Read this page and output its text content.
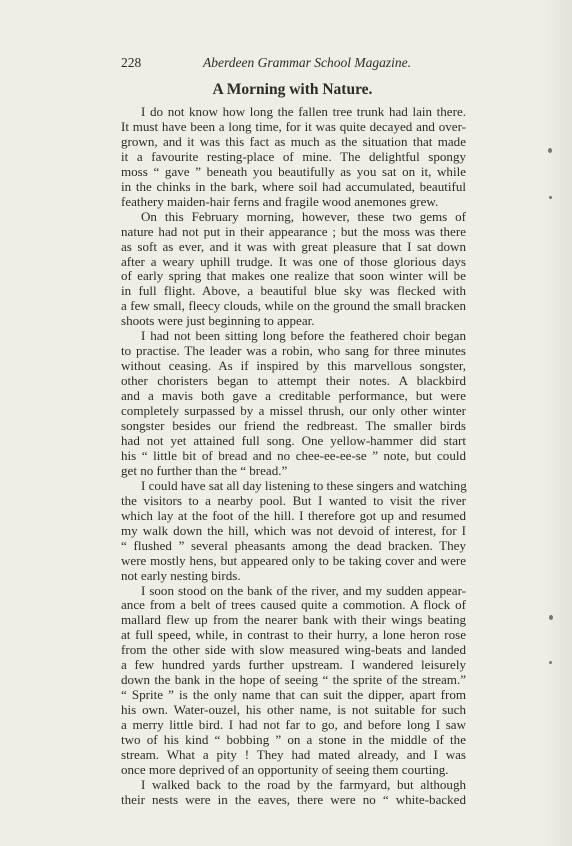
228	Aberdeen Grammar School Magazine.
A Morning with Nature.
I do not know how long the fallen tree trunk had lain there.
It must have been a long time, for it was quite decayed and over-
grown, and it was this fact as much as the situation that made
it a favourite resting-place of mine. The delightful spongy
moss “ gave ” beneath you beautifully as you sat on it, while
in the chinks in the bark, where soil had accumulated, beautiful
feathery maiden-hair ferns and fragile wood anemones grew.
On this February morning, however, these two gems of
nature had not put in their appearance ; but the moss was there
as soft as ever, and it was with great pleasure that I sat down
after a weary uphill trudge. It was one of those glorious days
of early spring that makes one realize that soon winter will be
in full flight. Above, a beautiful blue sky was flecked with
a few small, fleecy clouds, while on the ground the small bracken
shoots were just beginning to appear.
I had not been sitting long before the feathered choir began
to practise. The leader was a robin, who sang for three minutes
without ceasing. As if inspired by this marvellous songster,
other choristers began to attempt their notes. A blackbird
and a mavis both gave a creditable performance, but were
completely surpassed by a missel thrush, our only other winter
songster besides our friend the redbreast. The smaller birds
had not yet attained full song. One yellow-hammer did start
his “ little bit of bread and no chee-ee-ee-se ” note, but could
get no further than the “ bread.”
I could have sat all day listening to these singers and watching
the visitors to a nearby pool. But I wanted to visit the river
which lay at the foot of the hill. I therefore got up and resumed
my walk down the hill, which was not devoid of interest, for I
“ flushed ” several pheasants among the dead bracken. They
were mostly hens, but appeared only to be taking cover and were
not early nesting birds.
I soon stood on the bank of the river, and my sudden appear-
ance from a belt of trees caused quite a commotion. A flock of
mallard flew up from the nearer bank with their wings beating
at full speed, while, in contrast to their hurry, a lone heron rose
from the other side with slow measured wing-beats and landed
a few hundred yards further upstream. I wandered leisurely
down the bank in the hope of seeing “ the sprite of the stream.”
“ Sprite ” is the only name that can suit the dipper, apart from
his own. Water-ouzel, his other name, is not suitable for such
a merry little bird. I had not far to go, and before long I saw
two of his kind “ bobbing ” on a stone in the middle of the
stream. What a pity ! They had mated already, and I was
once more deprived of an opportunity of seeing them courting.
I walked back to the road by the farmyard, but although
their nests were in the eaves, there were no “ white-backed
